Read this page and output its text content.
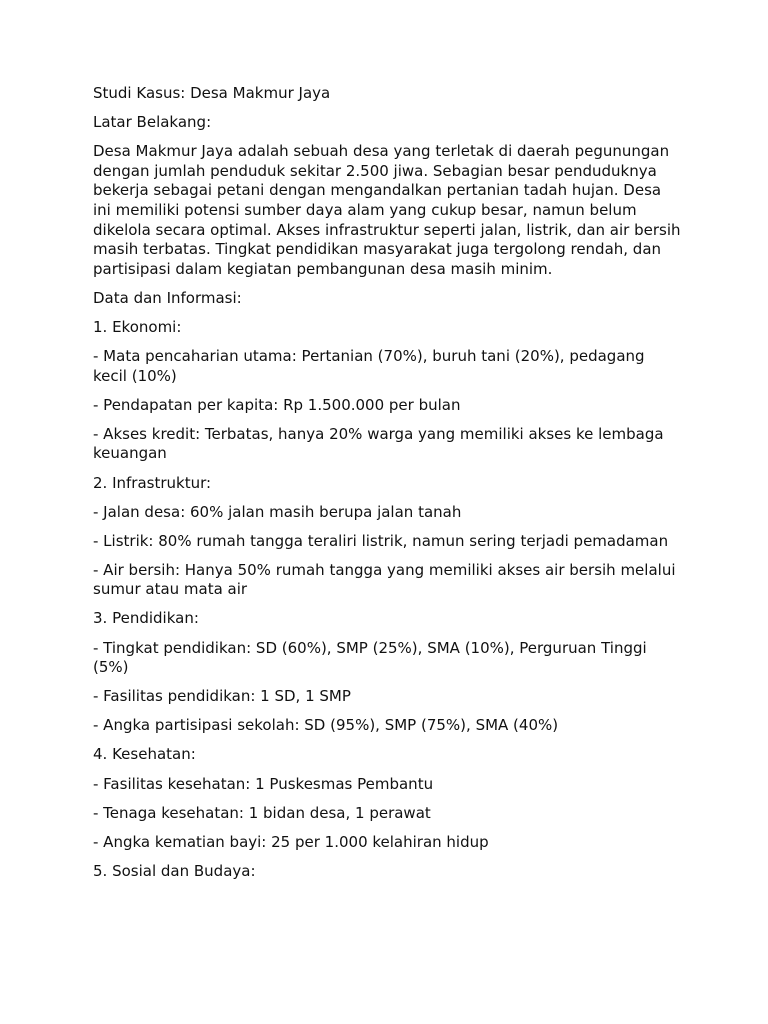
Studi Kasus: Desa Makmur Jaya

Latar Belakang:

Desa Makmur Jaya adalah sebuah desa yang terletak di daerah pegunungan dengan jumlah penduduk sekitar 2.500 jiwa. Sebagian besar penduduknya bekerja sebagai petani dengan mengandalkan pertanian tadah hujan. Desa ini memiliki potensi sumber daya alam yang cukup besar, namun belum dikelola secara optimal. Akses infrastruktur seperti jalan, listrik, dan air bersih masih terbatas. Tingkat pendidikan masyarakat juga tergolong rendah, dan partisipasi dalam kegiatan pembangunan desa masih minim.

Data dan Informasi:

1. Ekonomi:

- Mata pencaharian utama: Pertanian (70%), buruh tani (20%), pedagang kecil (10%)

- Pendapatan per kapita: Rp 1.500.000 per bulan

- Akses kredit: Terbatas, hanya 20% warga yang memiliki akses ke lembaga keuangan

2. Infrastruktur:

- Jalan desa: 60% jalan masih berupa jalan tanah

- Listrik: 80% rumah tangga teraliri listrik, namun sering terjadi pemadaman

- Air bersih: Hanya 50% rumah tangga yang memiliki akses air bersih melalui sumur atau mata air

3. Pendidikan:

- Tingkat pendidikan: SD (60%), SMP (25%), SMA (10%), Perguruan Tinggi (5%)

- Fasilitas pendidikan: 1 SD, 1 SMP

- Angka partisipasi sekolah: SD (95%), SMP (75%), SMA (40%)

4. Kesehatan:

- Fasilitas kesehatan: 1 Puskesmas Pembantu

- Tenaga kesehatan: 1 bidan desa, 1 perawat

- Angka kematian bayi: 25 per 1.000 kelahiran hidup

5. Sosial dan Budaya:
